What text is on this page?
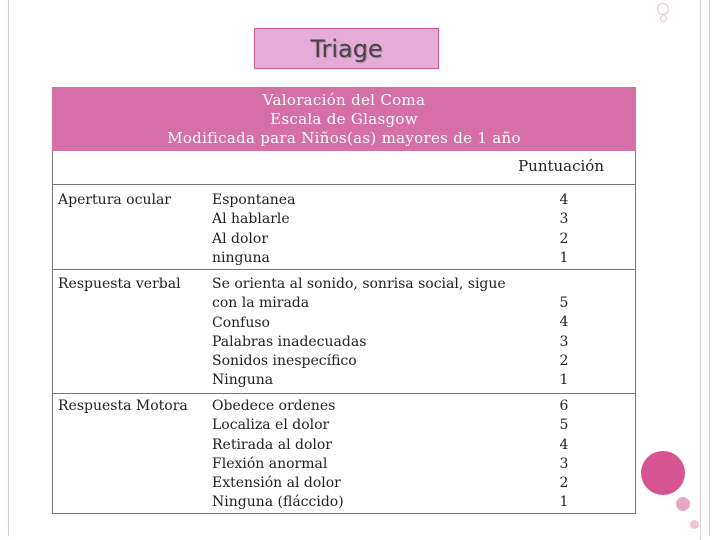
Triage
Valoración del Coma
Escala de Glasgow
Modificada para Niños(as) mayores de 1 año
Puntuación
Apertura ocular	Espontanea
Al hablarle
Al dolor
ninguna
4
3
2
1
Respuesta verbal Se orienta al sonido, sonrisa social, sigue
con la mirada
Confuso
Palabras inadecuadas
Sonidos inespecífico
Ninguna
5
4
3
2
1
Respuesta Motora Obedece ordenes
Localiza el dolor
Retirada al dolor
Flexión anormal
Extensión al dolor
Ninguna (fláccido)
6
5
4
3
2
1
